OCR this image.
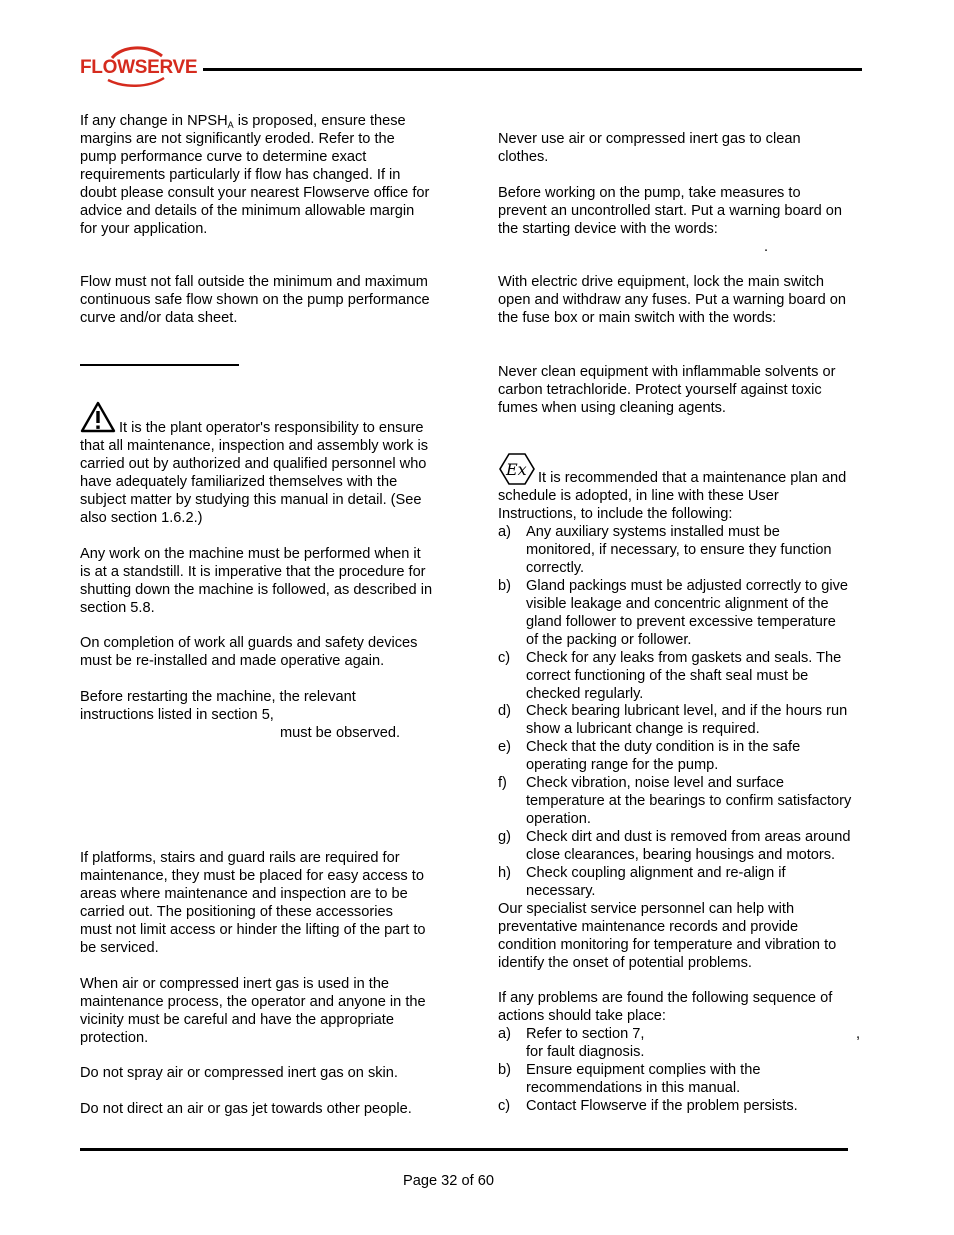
FLOWSERVE
If any change in $NPSH_A$ is proposed, ensure these
margins are not significantly eroded. Refer to the
pump performance curve to determine exact
requirements particularly if flow has changed. If in
doubt please consult your nearest Flowserve office for
advice and details of the minimum allowable margin
for your application.
Flow must not fall outside the minimum and maximum
continuous safe flow shown on the pump performance
curve and/or data sheet.
It is the plant operator's responsibility to ensure
that all maintenance, inspection and assembly work is
carried out by authorized and qualified personnel who
have adequately familiarized themselves with the
subject matter by studying this manual in detail. (See
also section 1.6.2.)
Any work on the machine must be performed when it
is at a standstill. It is imperative that the procedure for
shutting down the machine is followed, as described in
section 5.8.
On completion of work all guards and safety devices
must be re-installed and made operative again.
Before restarting the machine, the relevant
instructions listed in section 5,
must be observed.
If platforms, stairs and guard rails are required for
maintenance, they must be placed for easy access to
areas where maintenance and inspection are to be
carried out. The positioning of these accessories
must not limit access or hinder the lifting of the part to
be serviced.
When air or compressed inert gas is used in the
maintenance process, the operator and anyone in the
vicinity must be careful and have the appropriate
protection.
Do not spray air or compressed inert gas on skin.
Do not direct an air or gas jet towards other people.
Never use air or compressed inert gas to clean
clothes.
Before working on the pump, take measures to
prevent an uncontrolled start. Put a warning board on
the starting device with the words:
.
With electric drive equipment, lock the main switch
open and withdraw any fuses. Put a warning board on
the fuse box or main switch with the words:
Never clean equipment with inflammable solvents or
carbon tetrachloride. Protect yourself against toxic
fumes when using cleaning agents.
Ex It is recommended that a maintenance plan and
schedule is adopted, in line with these User
Instructions, to include the following:
a) Any auxiliary systems installed must be
monitored, if necessary, to ensure they function
correctly.
b) Gland packings must be adjusted correctly to give
visible leakage and concentric alignment of the
gland follower to prevent excessive temperature
of the packing or follower.
c) Check for any leaks from gaskets and seals. The
correct functioning of the shaft seal must be
checked regularly.
d) Check bearing lubricant level, and if the hours run
show a lubricant change is required.
e) Check that the duty condition is in the safe
operating range for the pump.
f) Check vibration, noise level and surface
temperature at the bearings to confirm satisfactory
operation.
g) Check dirt and dust is removed from areas around
close clearances, bearing housings and motors.
h) Check coupling alignment and re-align if
necessary.
Our specialist service personnel can help with
preventative maintenance records and provide
condition monitoring for temperature and vibration to
identify the onset of potential problems.
If any problems are found the following sequence of
actions should take place:
a) Refer to section 7,	,
for fault diagnosis.
b) Ensure equipment complies with the
recommendations in this manual.
c) Contact Flowserve if the problem persists.
Page 32 of 60
